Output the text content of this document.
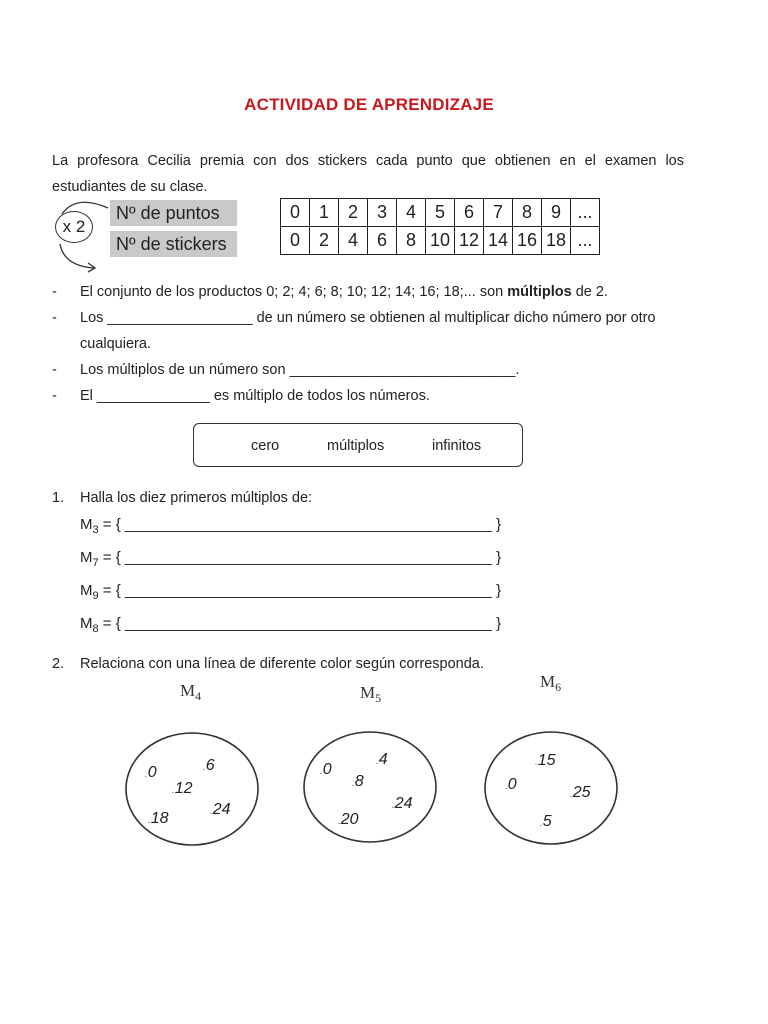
ACTIVIDAD DE APRENDIZAJE
La profesora Cecilia premia con dos stickers cada punto que obtienen en el examen los estudiantes de su clase.
x 2
Nº de puntos
Nº de stickers
0	1	2	3	4	5	6	7	8	9	...
0	2	4	6	8	10	12	14	16	18	...
- El conjunto de los productos 0; 2; 4; 6; 8; 10; 12; 14; 16; 18;... son múltiplos de 2.
- Los __________________ de un número se obtienen al multiplicar dicho número por otro
cualquiera.
- Los múltiplos de un número son ____________________________.
- El ______________ es múltiplo de todos los números.
cero	múltiplos	infinitos
1. Halla los diez primeros múltiplos de:
$M_3$ = { ____________________________________________ }
$M_7$ = { ____________________________________________ }
$M_9$ = { ____________________________________________ }
$M_8$ = { ____________________________________________ }
2. Relaciona con una línea de diferente color según corresponda.
$M_4$	$M_5$
$M_6$
.0	.6
.12
.18	.24
.4
.0
.8
.24
.20
.15
.0
.25
.5
